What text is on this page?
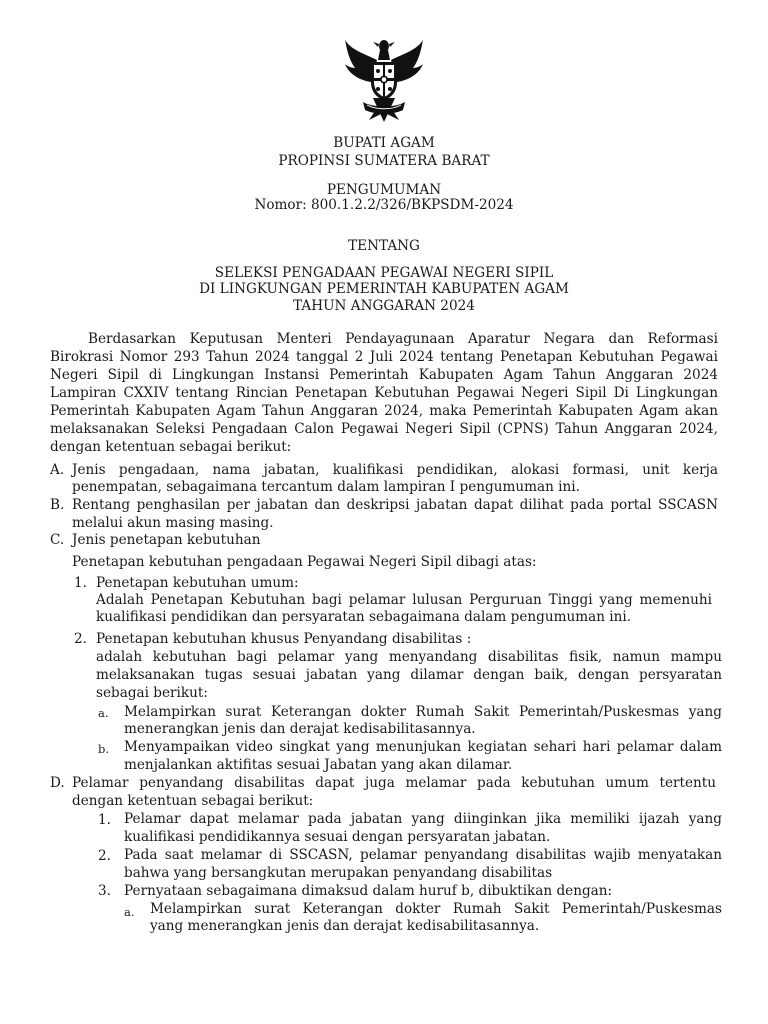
BUPATI AGAM
PROPINSI SUMATERA BARAT
PENGUMUMAN
Nomor: 800.1.2.2/326/BKPSDM-2024
TENTANG
SELEKSI PENGADAAN PEGAWAI NEGERI SIPIL
DI LINGKUNGAN PEMERINTAH KABUPATEN AGAM
TAHUN ANGGARAN 2024
Berdasarkan Keputusan Menteri Pendayagunaan Aparatur Negara dan Reformasi
Birokrasi Nomor 293 Tahun 2024 tanggal 2 Juli 2024 tentang Penetapan Kebutuhan Pegawai
Negeri Sipil di Lingkungan Instansi Pemerintah Kabupaten Agam Tahun Anggaran 2024
Lampiran CXXIV tentang Rincian Penetapan Kebutuhan Pegawai Negeri Sipil Di Lingkungan
Pemerintah Kabupaten Agam Tahun Anggaran 2024, maka Pemerintah Kabupaten Agam akan
melaksanakan Seleksi Pengadaan Calon Pegawai Negeri Sipil (CPNS) Tahun Anggaran 2024,
dengan ketentuan sebagai berikut:
A. Jenis pengadaan, nama jabatan, kualifikasi pendidikan, alokasi formasi, unit kerja
penempatan, sebagaimana tercantum dalam lampiran I pengumuman ini.
B. Rentang penghasilan per jabatan dan deskripsi jabatan dapat dilihat pada portal SSCASN
melalui akun masing masing.
C. Jenis penetapan kebutuhan
Penetapan kebutuhan pengadaan Pegawai Negeri Sipil dibagi atas:
1. Penetapan kebutuhan umum:
Adalah Penetapan Kebutuhan bagi pelamar lulusan Perguruan Tinggi yang memenuhi
kualifikasi pendidikan dan persyaratan sebagaimana dalam pengumuman ini.
2. Penetapan kebutuhan khusus Penyandang disabilitas :
adalah kebutuhan bagi pelamar yang menyandang disabilitas fisik, namun mampu
melaksanakan tugas sesuai jabatan yang dilamar dengan baik, dengan persyaratan
sebagai berikut:
a. Melampirkan surat Keterangan dokter Rumah Sakit Pemerintah/Puskesmas yang
menerangkan jenis dan derajat kedisabilitasannya.
b. Menyampaikan video singkat yang menunjukan kegiatan sehari hari pelamar dalam
menjalankan aktifitas sesuai Jabatan yang akan dilamar.
D. Pelamar penyandang disabilitas dapat juga melamar pada kebutuhan umum tertentu
dengan ketentuan sebagai berikut:
1. Pelamar dapat melamar pada jabatan yang diinginkan jika memiliki ijazah yang
kualifikasi pendidikannya sesuai dengan persyaratan jabatan.
2. Pada saat melamar di SSCASN, pelamar penyandang disabilitas wajib menyatakan
bahwa yang bersangkutan merupakan penyandang disabilitas
3. Pernyataan sebagaimana dimaksud dalam huruf b, dibuktikan dengan:
a. Melampirkan surat Keterangan dokter Rumah Sakit Pemerintah/Puskesmas
yang menerangkan jenis dan derajat kedisabilitasannya.
